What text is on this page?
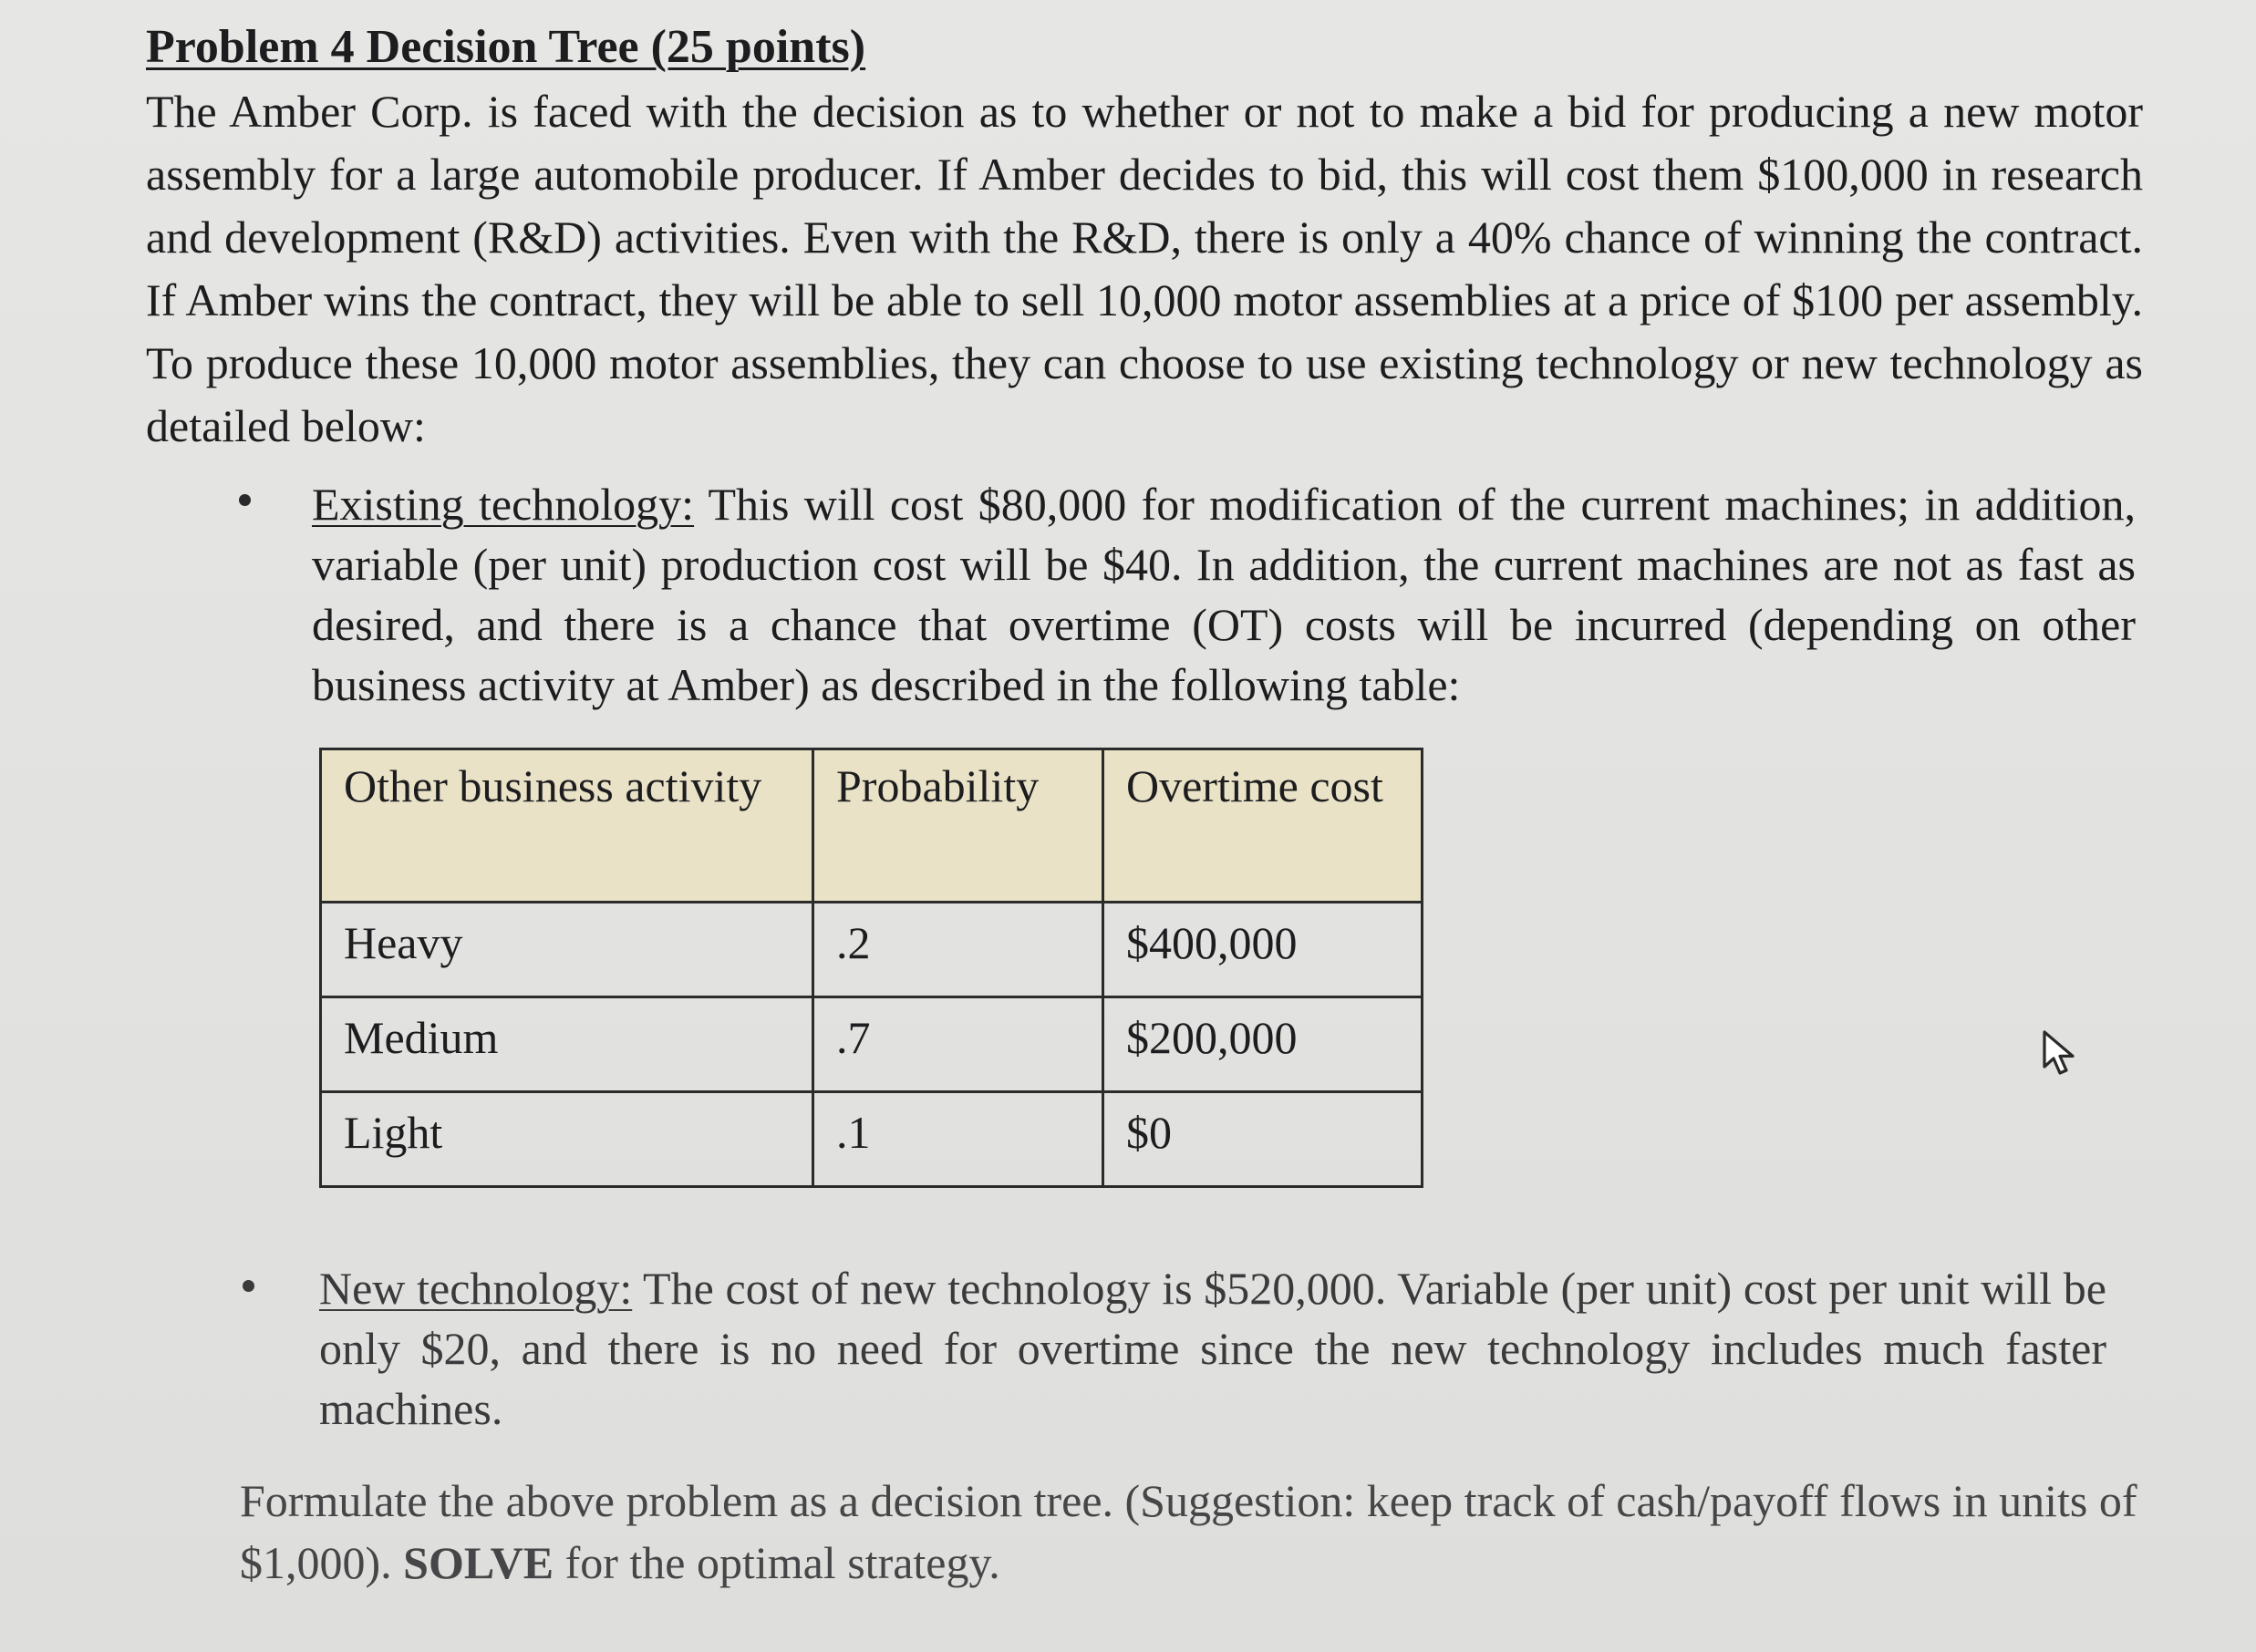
Problem 4 Decision Tree (25 points)

The Amber Corp. is faced with the decision as to whether or not to make a bid for producing a new motor assembly for a large automobile producer. If Amber decides to bid, this will cost them $100,000 in research and development (R&D) activities. Even with the R&D, there is only a 40% chance of winning the contract. If Amber wins the contract, they will be able to sell 10,000 motor assemblies at a price of $100 per assembly. To produce these 10,000 motor assemblies, they can choose to use existing technology or new technology as detailed below:

Existing technology: This will cost $80,000 for modification of the current machines; in addition, variable (per unit) production cost will be $40. In addition, the current machines are not as fast as desired, and there is a chance that overtime (OT) costs will be incurred (depending on other business activity at Amber) as described in the following table:

Other business activity	Probability	Overtime cost
Heavy	.2	$400,000
Medium	.7	$200,000
Light	.1	$0

New technology: The cost of new technology is $520,000. Variable (per unit) cost per unit will be only $20, and there is no need for overtime since the new technology includes much faster machines.

Formulate the above problem as a decision tree. (Suggestion: keep track of cash/payoff flows in units of $1,000). SOLVE for the optimal strategy.
